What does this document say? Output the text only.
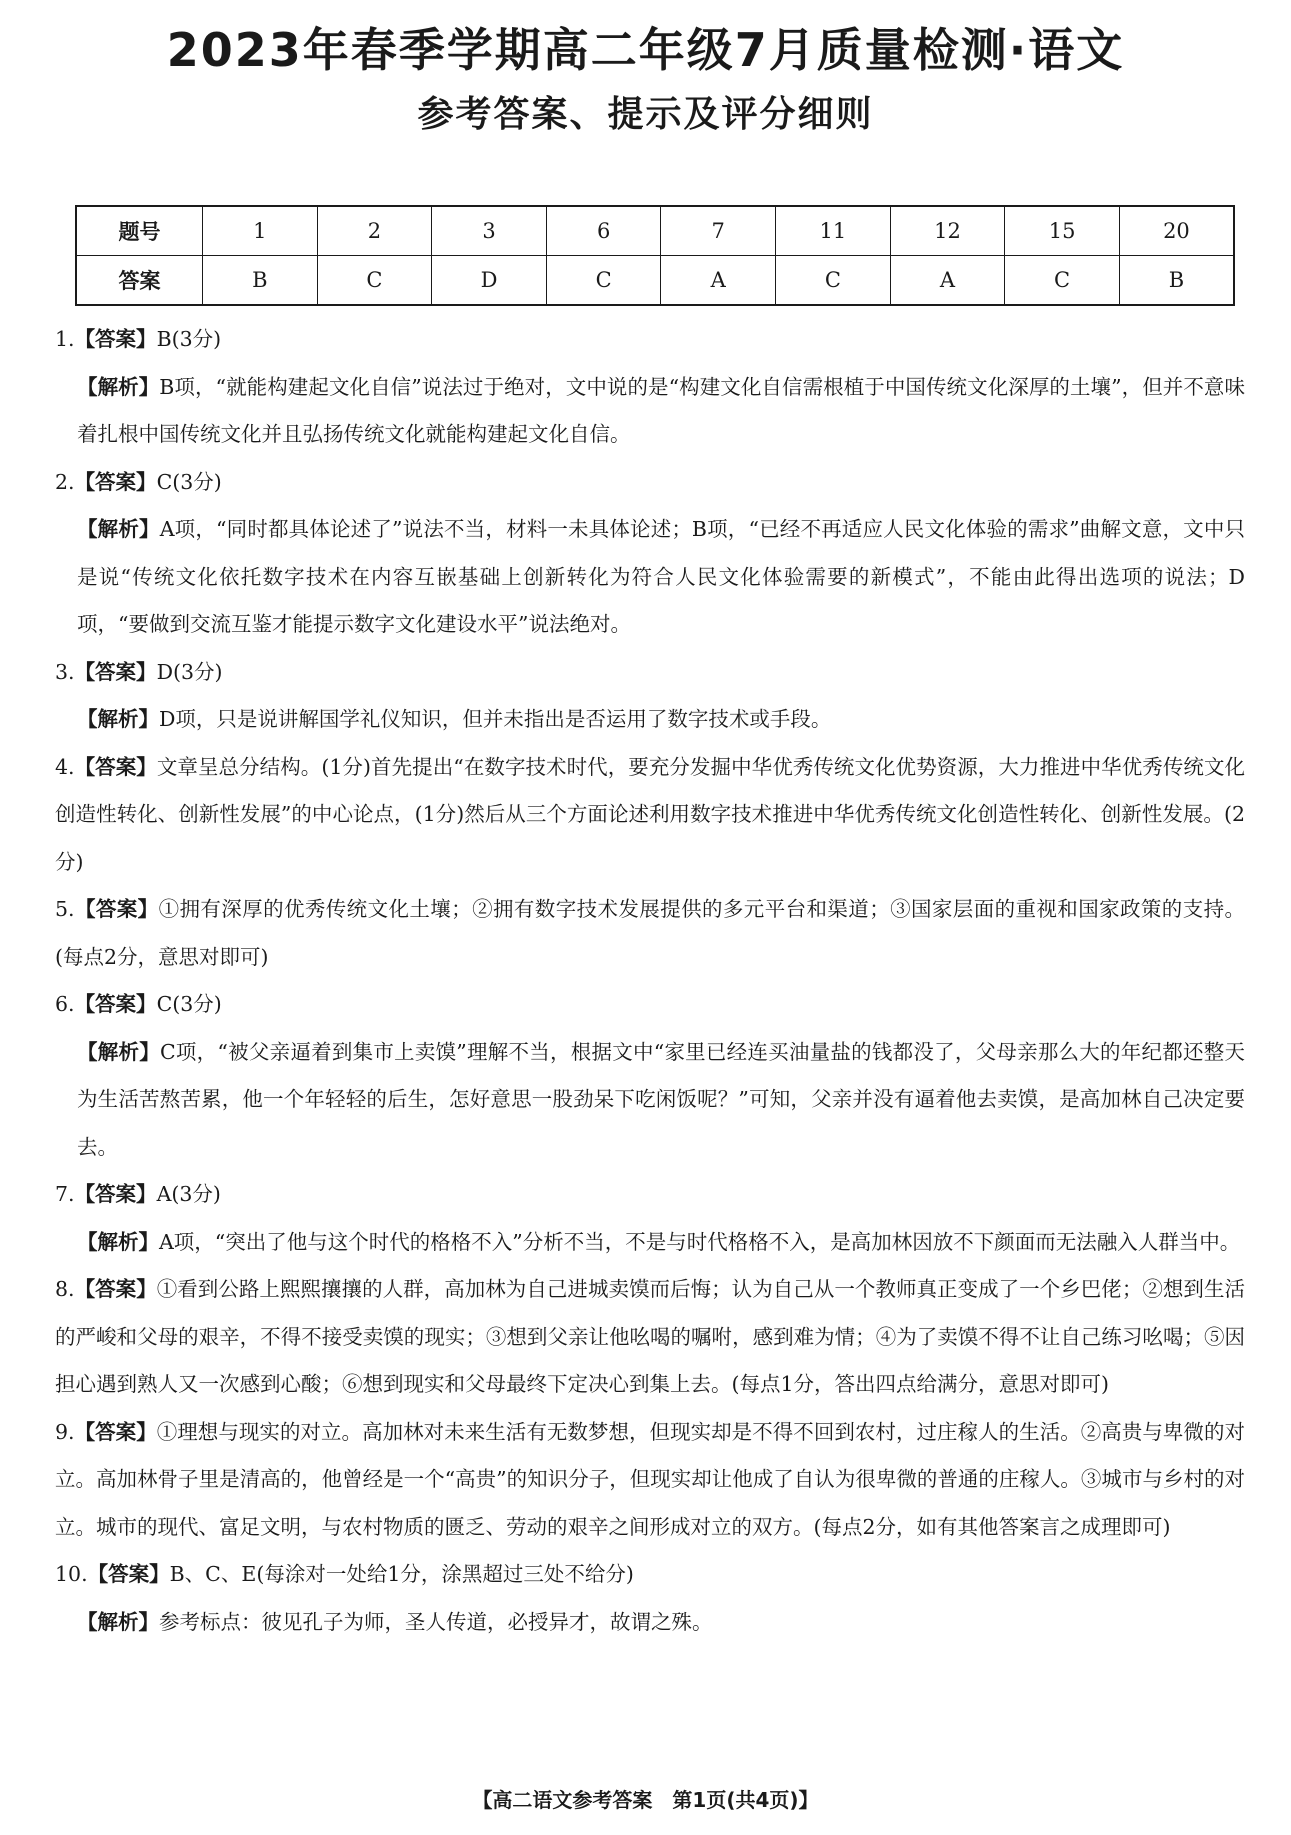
2023年春季学期高二年级7月质量检测·语文
参考答案、提示及评分细则
题号	1	2	3	6	7	11	12	15	20
答案	B	C	D	C	A	C	A	C	B

1.【答案】B(3分)

【解析】B项，“就能构建起文化自信”说法过于绝对，文中说的是“构建文化自信需根植于中国传统文化深厚的土壤”，但并不意味着扎根中国传统文化并且弘扬传统文化就能构建起文化自信。

2.【答案】C(3分)

【解析】A项，“同时都具体论述了”说法不当，材料一未具体论述；B项，“已经不再适应人民文化体验的需求”曲解文意，文中只是说“传统文化依托数字技术在内容互嵌基础上创新转化为符合人民文化体验需要的新模式”，不能由此得出选项的说法；D项，“要做到交流互鉴才能提示数字文化建设水平”说法绝对。

3.【答案】D(3分)

【解析】D项，只是说讲解国学礼仪知识，但并未指出是否运用了数字技术或手段。

4.【答案】文章呈总分结构。(1分)首先提出“在数字技术时代，要充分发掘中华优秀传统文化优势资源，大力推进中华优秀传统文化创造性转化、创新性发展”的中心论点，(1分)然后从三个方面论述利用数字技术推进中华优秀传统文化创造性转化、创新性发展。(2分)

5.【答案】①拥有深厚的优秀传统文化土壤；②拥有数字技术发展提供的多元平台和渠道；③国家层面的重视和国家政策的支持。(每点2分，意思对即可)

6.【答案】C(3分)

【解析】C项，“被父亲逼着到集市上卖馍”理解不当，根据文中“家里已经连买油量盐的钱都没了，父母亲那么大的年纪都还整天为生活苦熬苦累，他一个年轻轻的后生，怎好意思一股劲呆下吃闲饭呢？”可知，父亲并没有逼着他去卖馍，是高加林自己决定要去。

7.【答案】A(3分)

【解析】A项，“突出了他与这个时代的格格不入”分析不当，不是与时代格格不入，是高加林因放不下颜面而无法融入人群当中。

8.【答案】①看到公路上熙熙攘攘的人群，高加林为自己进城卖馍而后悔；认为自己从一个教师真正变成了一个乡巴佬；②想到生活的严峻和父母的艰辛，不得不接受卖馍的现实；③想到父亲让他吆喝的嘱咐，感到难为情；④为了卖馍不得不让自己练习吆喝；⑤因担心遇到熟人又一次感到心酸；⑥想到现实和父母最终下定决心到集上去。(每点1分，答出四点给满分，意思对即可)

9.【答案】①理想与现实的对立。高加林对未来生活有无数梦想，但现实却是不得不回到农村，过庄稼人的生活。②高贵与卑微的对立。高加林骨子里是清高的，他曾经是一个“高贵”的知识分子，但现实却让他成了自认为很卑微的普通的庄稼人。③城市与乡村的对立。城市的现代、富足文明，与农村物质的匮乏、劳动的艰辛之间形成对立的双方。(每点2分，如有其他答案言之成理即可)

10.【答案】B、C、E(每涂对一处给1分，涂黑超过三处不给分)

【解析】参考标点：彼见孔子为师，圣人传道，必授异才，故谓之殊。

【高二语文参考答案　第1页(共4页)】
